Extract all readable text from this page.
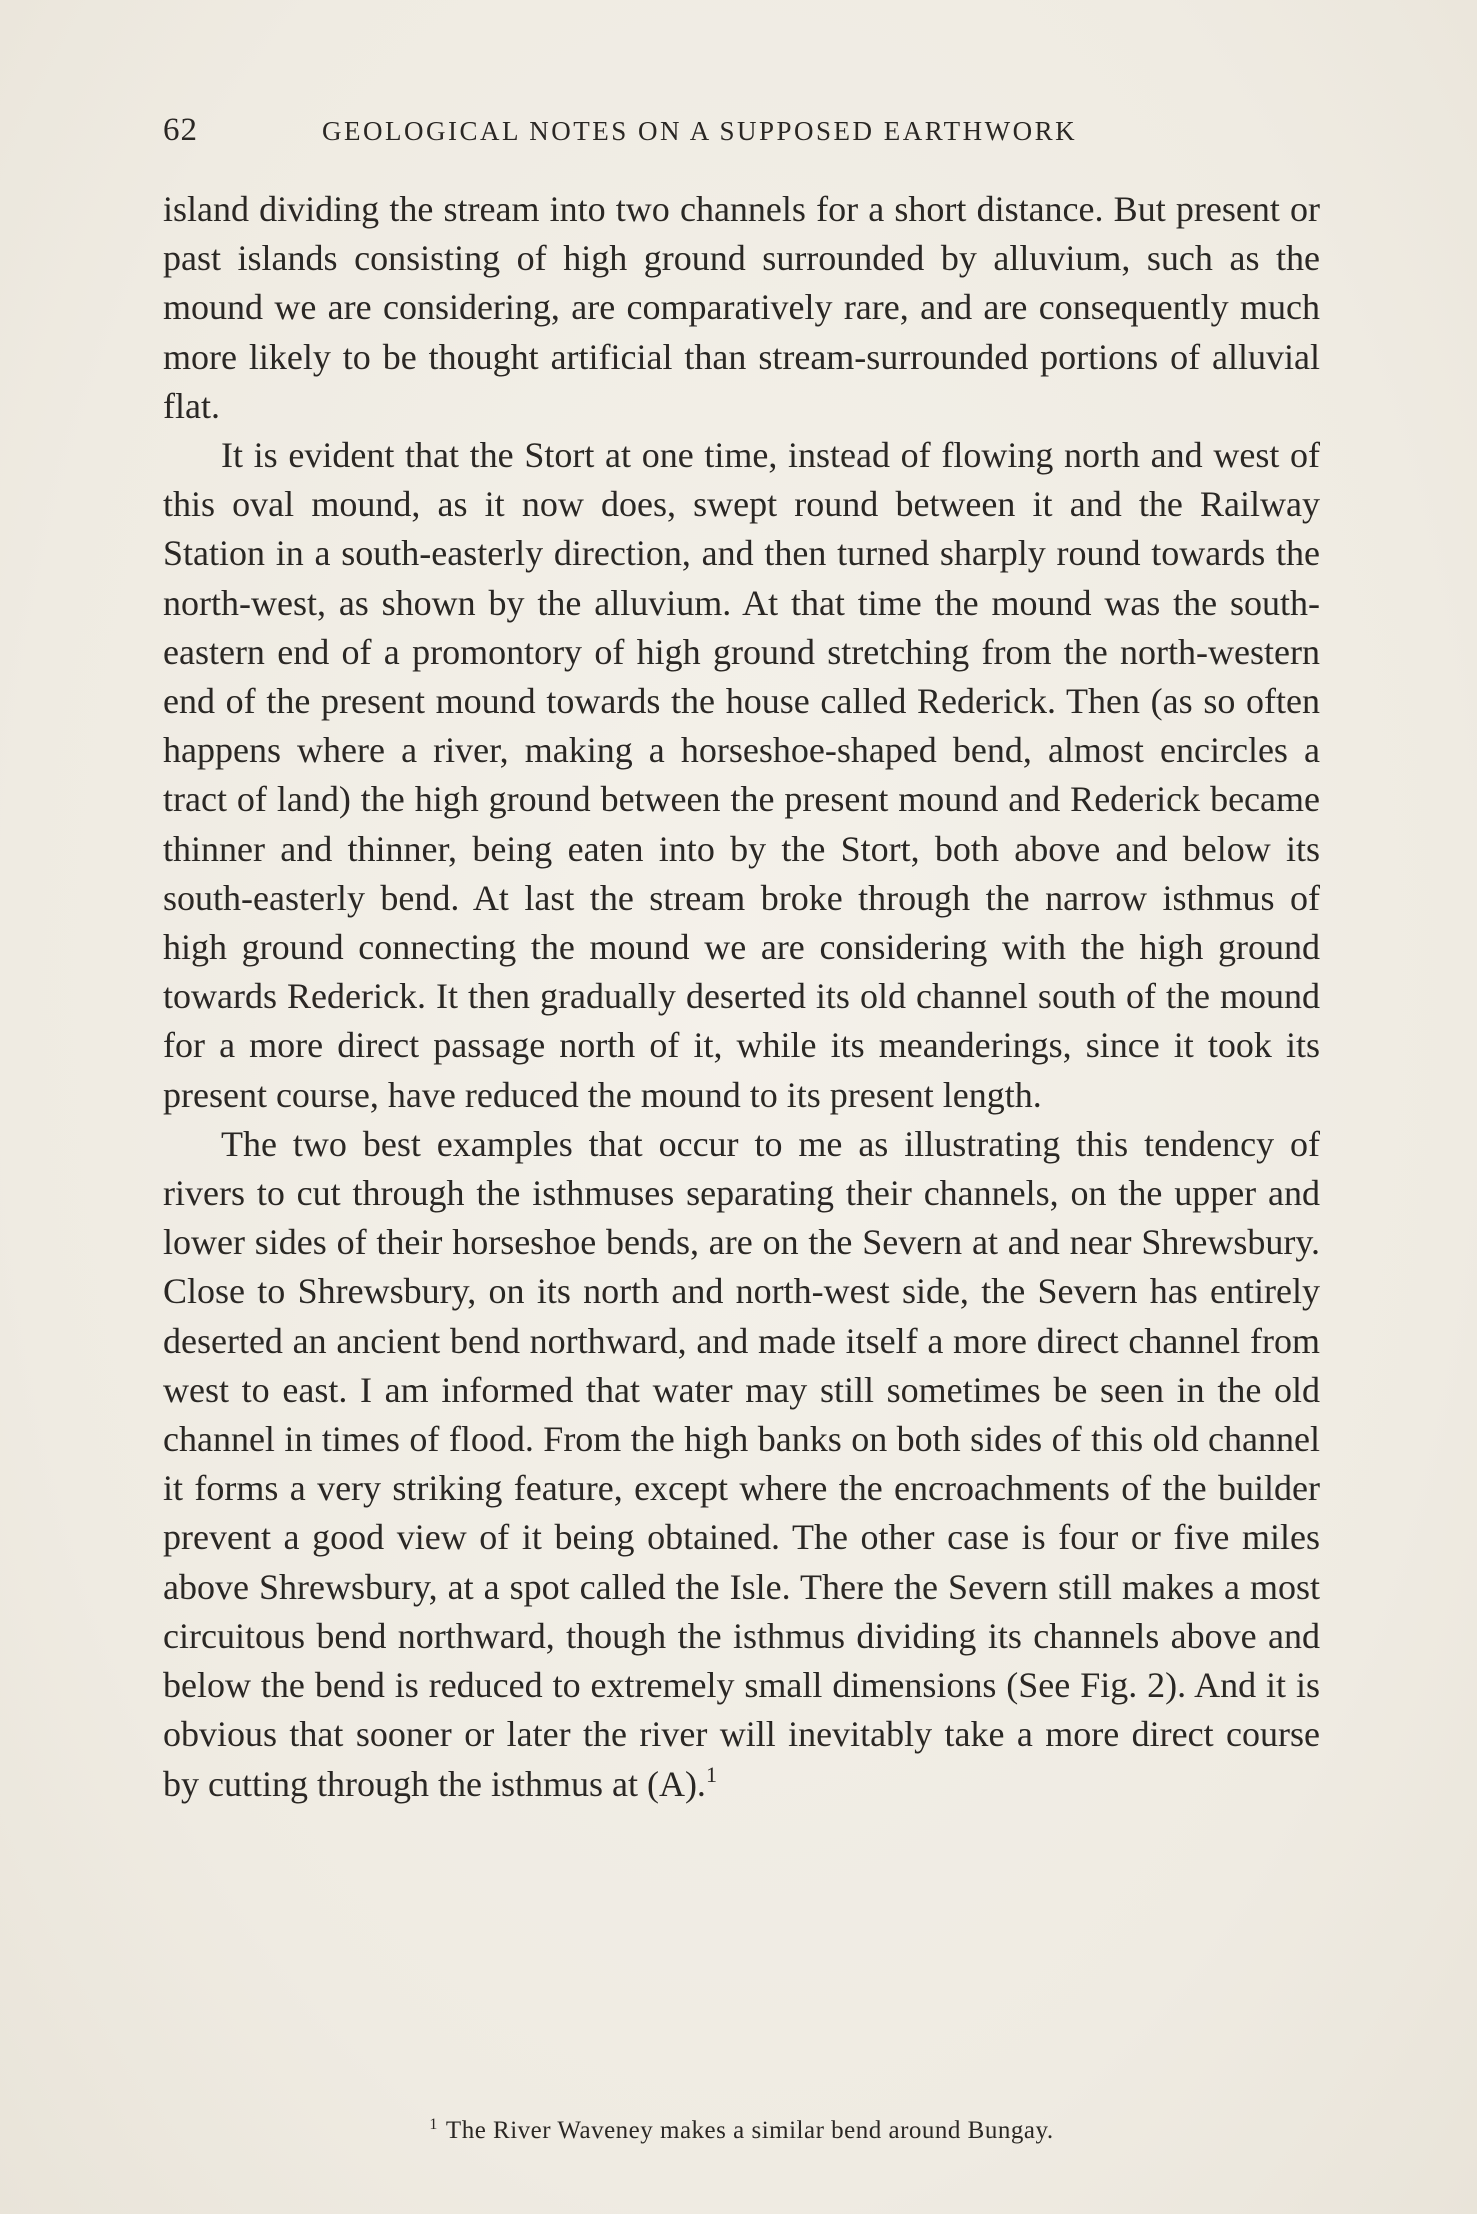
62	GEOLOGICAL NOTES ON A SUPPOSED EARTHWORK

island dividing the stream into two channels for a short distance. But present or past islands consisting of high ground surrounded by alluvium, such as the mound we are considering, are comparatively rare, and are consequently much more likely to be thought artificial than stream-surrounded portions of alluvial flat.

It is evident that the Stort at one time, instead of flowing north and west of this oval mound, as it now does, swept round between it and the Railway Station in a south-easterly direction, and then turned sharply round towards the north-west, as shown by the alluvium. At that time the mound was the south-eastern end of a promontory of high ground stretching from the north-western end of the present mound towards the house called Rederick. Then (as so often happens where a river, making a horseshoe-shaped bend, almost encircles a tract of land) the high ground between the present mound and Rederick became thinner and thinner, being eaten into by the Stort, both above and below its south-easterly bend. At last the stream broke through the narrow isthmus of high ground connecting the mound we are considering with the high ground towards Rederick. It then gradually deserted its old channel south of the mound for a more direct passage north of it, while its meanderings, since it took its present course, have reduced the mound to its present length.

The two best examples that occur to me as illustrating this tendency of rivers to cut through the isthmuses separating their channels, on the upper and lower sides of their horseshoe bends, are on the Severn at and near Shrewsbury. Close to Shrewsbury, on its north and north-west side, the Severn has entirely deserted an ancient bend northward, and made itself a more direct channel from west to east. I am informed that water may still sometimes be seen in the old channel in times of flood. From the high banks on both sides of this old channel it forms a very striking feature, except where the encroachments of the builder prevent a good view of it being obtained. The other case is four or five miles above Shrewsbury, at a spot called the Isle. There the Severn still makes a most circuitous bend northward, though the isthmus dividing its channels above and below the bend is reduced to extremely small dimensions (See Fig. 2). And it is obvious that sooner or later the river will inevitably take a more direct course by cutting through the isthmus at (A).$^1$

$^1$ The River Waveney makes a similar bend around Bungay.
